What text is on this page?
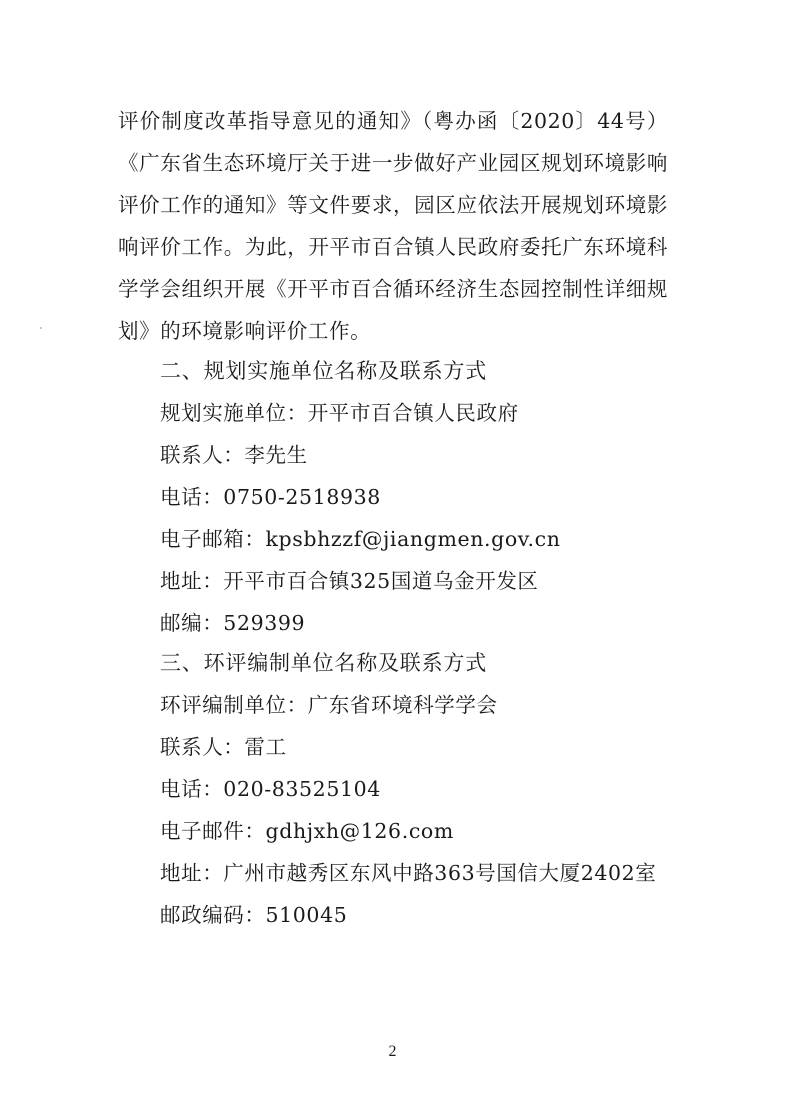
评价制度改革指导意见的通知》（粤办函〔2020〕44号）《广东省生态环境厅关于进一步做好产业园区规划环境影响评价工作的通知》等文件要求，园区应依法开展规划环境影响评价工作。为此，开平市百合镇人民政府委托广东环境科学学会组织开展《开平市百合循环经济生态园控制性详细规划》的环境影响评价工作。

二、规划实施单位名称及联系方式
规划实施单位：开平市百合镇人民政府
联系人：李先生
电话：0750-2518938
电子邮箱：kpsbhzzf@jiangmen.gov.cn
地址：开平市百合镇325国道乌金开发区
邮编：529399
三、环评编制单位名称及联系方式
环评编制单位：广东省环境科学学会
联系人：雷工
电话：020-83525104
电子邮件：gdhjxh@126.com
地址：广州市越秀区东风中路363号国信大厦2402室
邮政编码：510045
2
